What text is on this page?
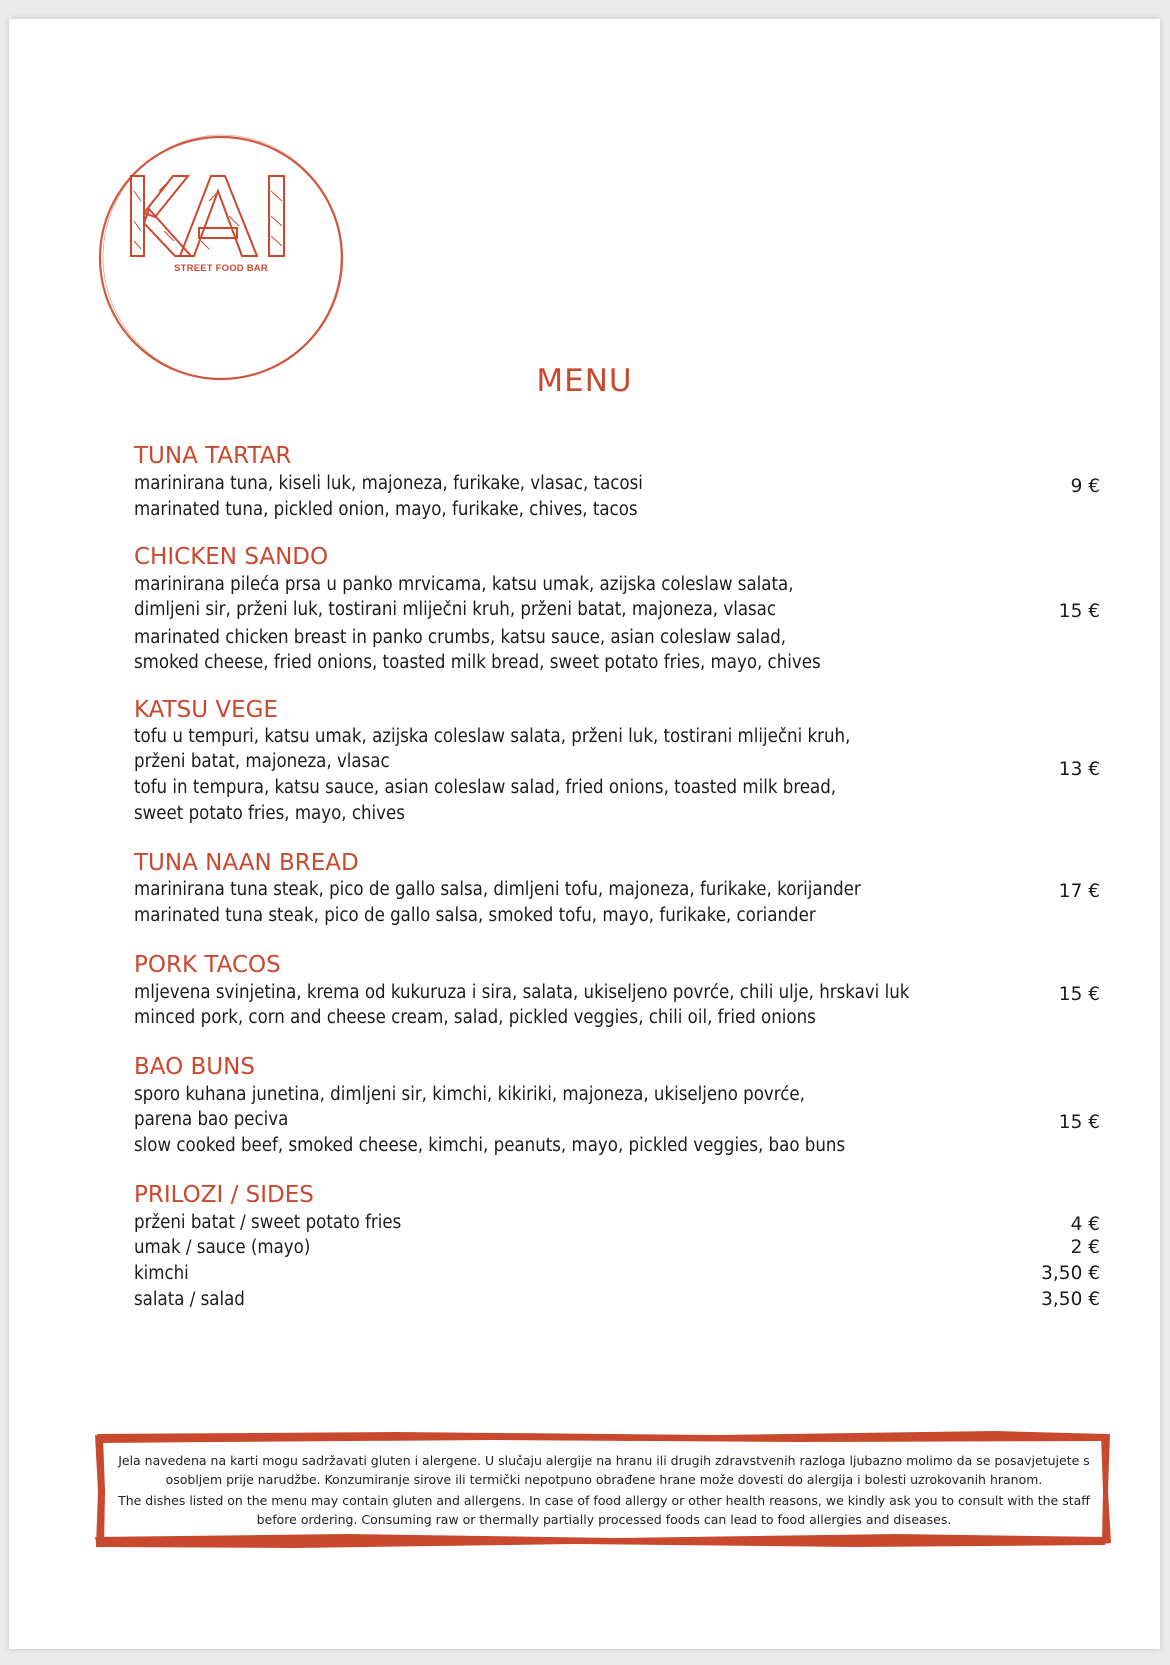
STREET FOOD BAR
MENU
TUNA TARTAR
marinirana tuna, kiseli luk, majoneza, furikake, vlasac, tacosi
marinated tuna, pickled onion, mayo, furikake, chives, tacos
9 €
CHICKEN SANDO
marinirana pileća prsa u panko mrvicama, katsu umak, azijska coleslaw salata,
dimljeni sir, prženi luk, tostirani mliječni kruh, prženi batat, majoneza, vlasac
marinated chicken breast in panko crumbs, katsu sauce, asian coleslaw salad,
smoked cheese, fried onions, toasted milk bread, sweet potato fries, mayo, chives
15 €
KATSU VEGE
tofu u tempuri, katsu umak, azijska coleslaw salata, prženi luk, tostirani mliječni kruh,
prženi batat, majoneza, vlasac
tofu in tempura, katsu sauce, asian coleslaw salad, fried onions, toasted milk bread,
sweet potato fries, mayo, chives
13 €
TUNA NAAN BREAD
marinirana tuna steak, pico de gallo salsa, dimljeni tofu, majoneza, furikake, korijander
marinated tuna steak, pico de gallo salsa, smoked tofu, mayo, furikake, coriander
17 €
PORK TACOS
mljevena svinjetina, krema od kukuruza i sira, salata, ukiseljeno povrće, chili ulje, hrskavi luk
minced pork, corn and cheese cream, salad, pickled veggies, chili oil, fried onions
15 €
BAO BUNS
sporo kuhana junetina, dimljeni sir, kimchi, kikiriki, majoneza, ukiseljeno povrće,
parena bao peciva
slow cooked beef, smoked cheese, kimchi, peanuts, mayo, pickled veggies, bao buns
15 €
PRILOZI / SIDES
prženi batat / sweet potato fries	4 €
umak / sauce (mayo)	2 €
kimchi	3,50 €
salata / salad	3,50 €
Jela navedena na karti mogu sadržavati gluten i alergene. U slučaju alergije na hranu ili drugih zdravstvenih razloga ljubazno molimo da se posavjetujete s osobljem prije narudžbe. Konzumiranje sirove ili termički nepotpuno obrađene hrane može dovesti do alergija i bolesti uzrokovanih hranom.
The dishes listed on the menu may contain gluten and allergens. In case of food allergy or other health reasons, we kindly ask you to consult with the staff before ordering. Consuming raw or thermally partially processed foods can lead to food allergies and diseases.
